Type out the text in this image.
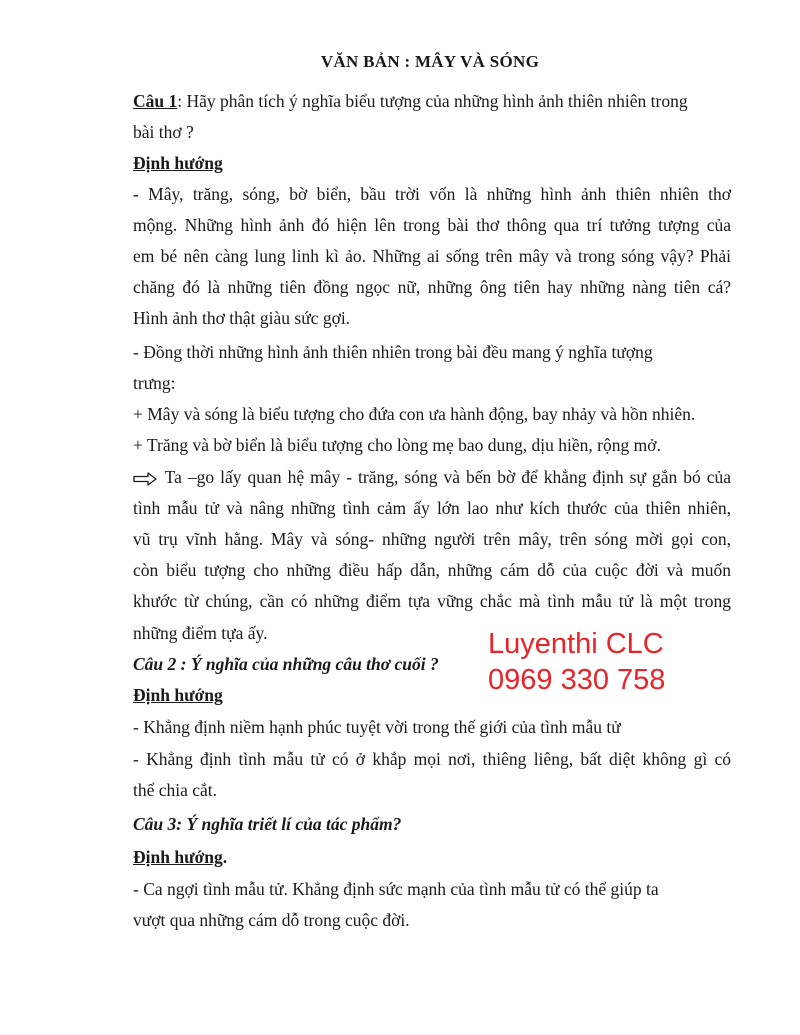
VĂN BẢN : MÂY VÀ SÓNG
Câu 1: Hãy phân tích ý nghĩa biểu tượng của những hình ảnh thiên nhiên trong
bài thơ ?
Định hướng
- Mây, trăng, sóng, bờ biển, bầu trời vốn là những hình ảnh thiên nhiên thơ
mộng. Những hình ảnh đó hiện lên trong bài thơ thông qua trí tưởng tượng của
em bé nên càng lung linh kì ảo. Những ai sống trên mây và trong sóng vậy? Phải
chăng đó là những tiên đồng ngọc nữ, những ông tiên hay những nàng tiên cá?
Hình ảnh thơ thật giàu sức gợi.
- Đồng thời những hình ảnh thiên nhiên trong bài đều mang ý nghĩa tượng
trưng:
+ Mây và sóng là biểu tượng cho đứa con ưa hành động, bay nhảy và hồn nhiên.
+ Trăng và bờ biển là biểu tượng cho lòng mẹ bao dung, dịu hiền, rộng mở.
Ta –go lấy quan hệ mây - trăng, sóng và bến bờ để khẳng định sự gắn bó của
tình mẫu tử và nâng những tình cảm ấy lớn lao như kích thước của thiên nhiên,
vũ trụ vĩnh hằng. Mây và sóng- những người trên mây, trên sóng mời gọi con,
còn biểu tượng cho những điều hấp dẫn, những cám dỗ của cuộc đời và muốn
khước từ chúng, cần có những điểm tựa vững chắc mà tình mẫu tử là một trong
những điểm tựa ấy.
Câu 2 : Ý nghĩa của những câu thơ cuối ?
Định hướng
- Khẳng định niềm hạnh phúc tuyệt vời trong thế giới của tình mẫu tử
- Khẳng định tình mẫu tử có ở khắp mọi nơi, thiêng liêng, bất diệt không gì có
thể chia cắt.
Câu 3: Ý nghĩa triết lí của tác phẩm?
Định hướng.
- Ca ngợi tình mẫu tử. Khẳng định sức mạnh của tình mẫu tử có thể giúp ta
vượt qua những cám dỗ trong cuộc đời.
Luyenthi CLC
0969 330 758
